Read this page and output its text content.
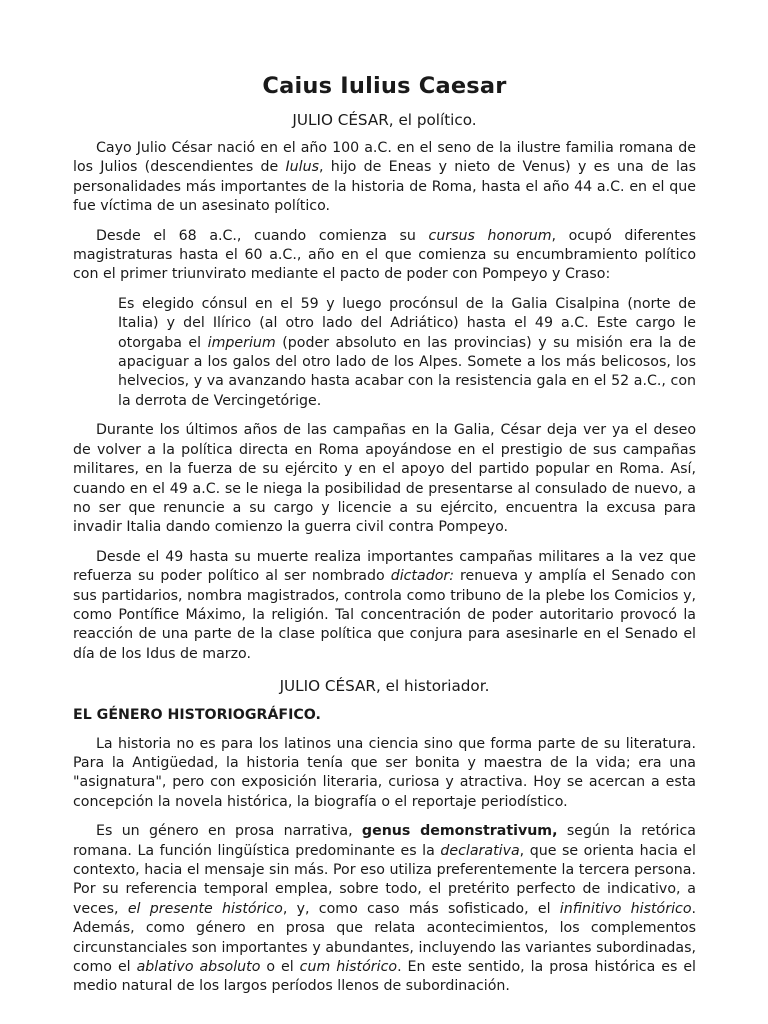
Caius Iulius Caesar
JULIO CÉSAR, el político.

Cayo Julio César nació en el año 100 a.C. en el seno de la ilustre familia romana de los Julios (descendientes de Iulus, hijo de Eneas y nieto de Venus) y es una de las personalidades más importantes de la historia de Roma, hasta el año 44 a.C. en el que fue víctima de un asesinato político.

Desde el 68 a.C., cuando comienza su cursus honorum, ocupó diferentes magistraturas hasta el 60 a.C., año en el que comienza su encumbramiento político con el primer triunvirato mediante el pacto de poder con Pompeyo y Craso:

Es elegido cónsul en el 59 y luego procónsul de la Galia Cisalpina (norte de Italia) y del Ilírico (al otro lado del Adriático) hasta el 49 a.C. Este cargo le otorgaba el imperium (poder absoluto en las provincias) y su misión era la de apaciguar a los galos del otro lado de los Alpes. Somete a los más belicosos, los helvecios, y va avanzando hasta acabar con la resistencia gala en el 52 a.C., con la derrota de Vercingetórige.

Durante los últimos años de las campañas en la Galia, César deja ver ya el deseo de volver a la política directa en Roma apoyándose en el prestigio de sus campañas militares, en la fuerza de su ejército y en el apoyo del partido popular en Roma. Así, cuando en el 49 a.C. se le niega la posibilidad de presentarse al consulado de nuevo, a no ser que renuncie a su cargo y licencie a su ejército, encuentra la excusa para invadir Italia dando comienzo la guerra civil contra Pompeyo.

Desde el 49 hasta su muerte realiza importantes campañas militares a la vez que refuerza su poder político al ser nombrado dictador: renueva y amplía el Senado con sus partidarios, nombra magistrados, controla como tribuno de la plebe los Comicios y, como Pontífice Máximo, la religión. Tal concentración de poder autoritario provocó la reacción de una parte de la clase política que conjura para asesinarle en el Senado el día de los Idus de marzo.

JULIO CÉSAR, el historiador.
EL GÉNERO HISTORIOGRÁFICO.

La historia no es para los latinos una ciencia sino que forma parte de su literatura. Para la Antigüedad, la historia tenía que ser bonita y maestra de la vida; era una "asignatura", pero con exposición literaria, curiosa y atractiva. Hoy se acercan a esta concepción la novela histórica, la biografía o el reportaje periodístico.

Es un género en prosa narrativa, genus demonstrativum, según la retórica romana. La función lingüística predominante es la declarativa, que se orienta hacia el contexto, hacia el mensaje sin más. Por eso utiliza preferentemente la tercera persona. Por su referencia temporal emplea, sobre todo, el pretérito perfecto de indicativo, a veces, el presente histórico, y, como caso más sofisticado, el infinitivo histórico. Además, como género en prosa que relata acontecimientos, los complementos circunstanciales son importantes y abundantes, incluyendo las variantes subordinadas, como el ablativo absoluto o el cum histórico. En este sentido, la prosa histórica es el medio natural de los largos períodos llenos de subordinación.
